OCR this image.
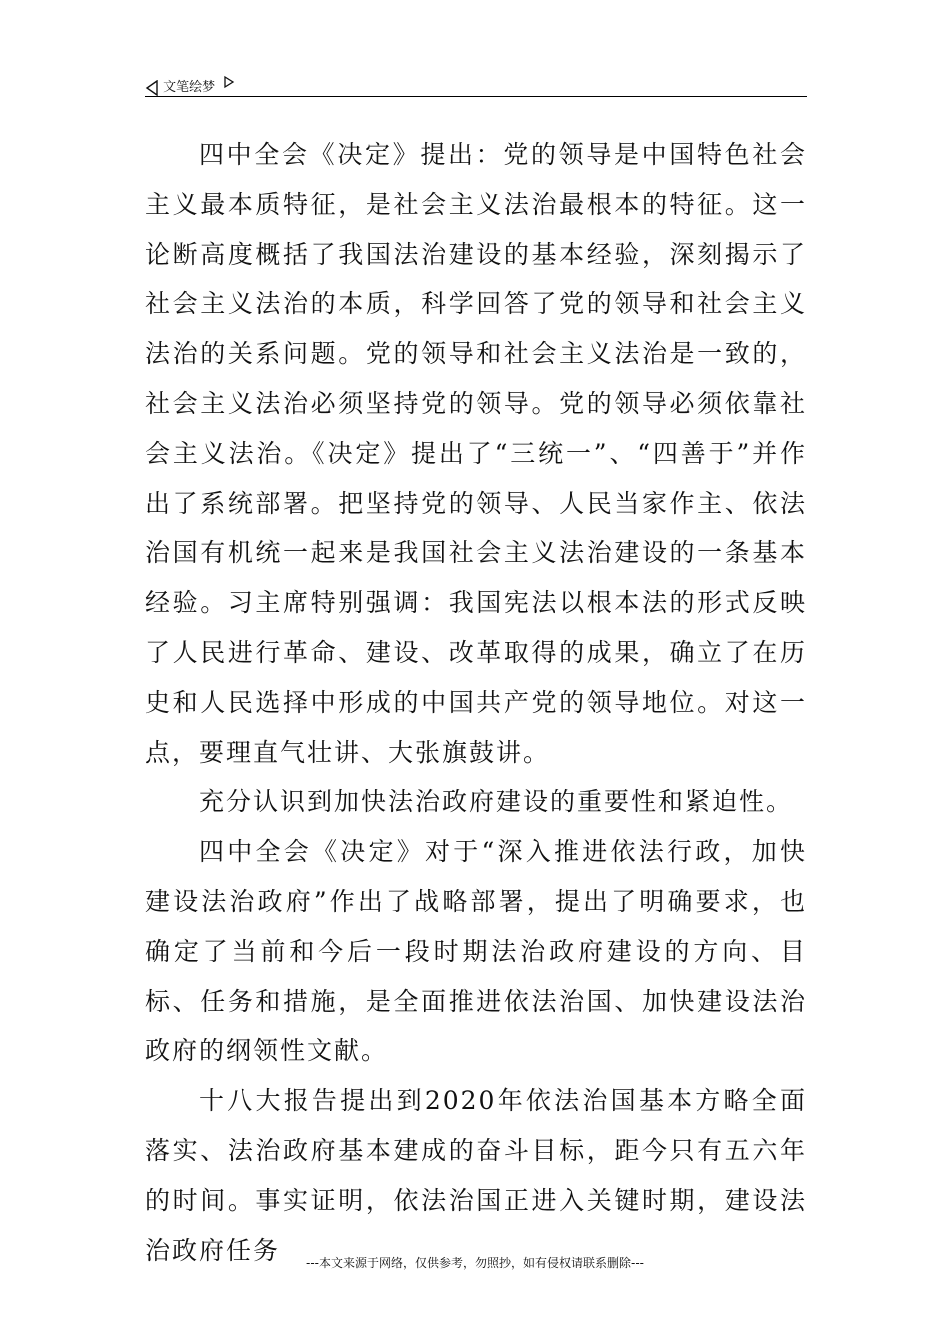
文笔绘梦

四中全会《决定》提出：党的领导是中国特色社会主义最本质特征，是社会主义法治最根本的特征。这一论断高度概括了我国法治建设的基本经验，深刻揭示了社会主义法治的本质，科学回答了党的领导和社会主义法治的关系问题。党的领导和社会主义法治是一致的，社会主义法治必须坚持党的领导。党的领导必须依靠社会主义法治。《决定》提出了“三统一”、“四善于”并作出了系统部署。把坚持党的领导、人民当家作主、依法治国有机统一起来是我国社会主义法治建设的一条基本经验。习主席特别强调：我国宪法以根本法的形式反映了人民进行革命、建设、改革取得的成果，确立了在历史和人民选择中形成的中国共产党的领导地位。对这一点，要理直气壮讲、大张旗鼓讲。

充分认识到加快法治政府建设的重要性和紧迫性。

四中全会《决定》对于“深入推进依法行政，加快建设法治政府”作出了战略部署，提出了明确要求，也确定了当前和今后一段时期法治政府建设的方向、目标、任务和措施，是全面推进依法治国、加快建设法治政府的纲领性文献。

十八大报告提出到2020年依法治国基本方略全面落实、法治政府基本建成的奋斗目标，距今只有五六年的时间。事实证明，依法治国正进入关键时期，建设法治政府任务	---本文来源于网络，仅供参考，勿照抄，如有侵权请联系删除---
